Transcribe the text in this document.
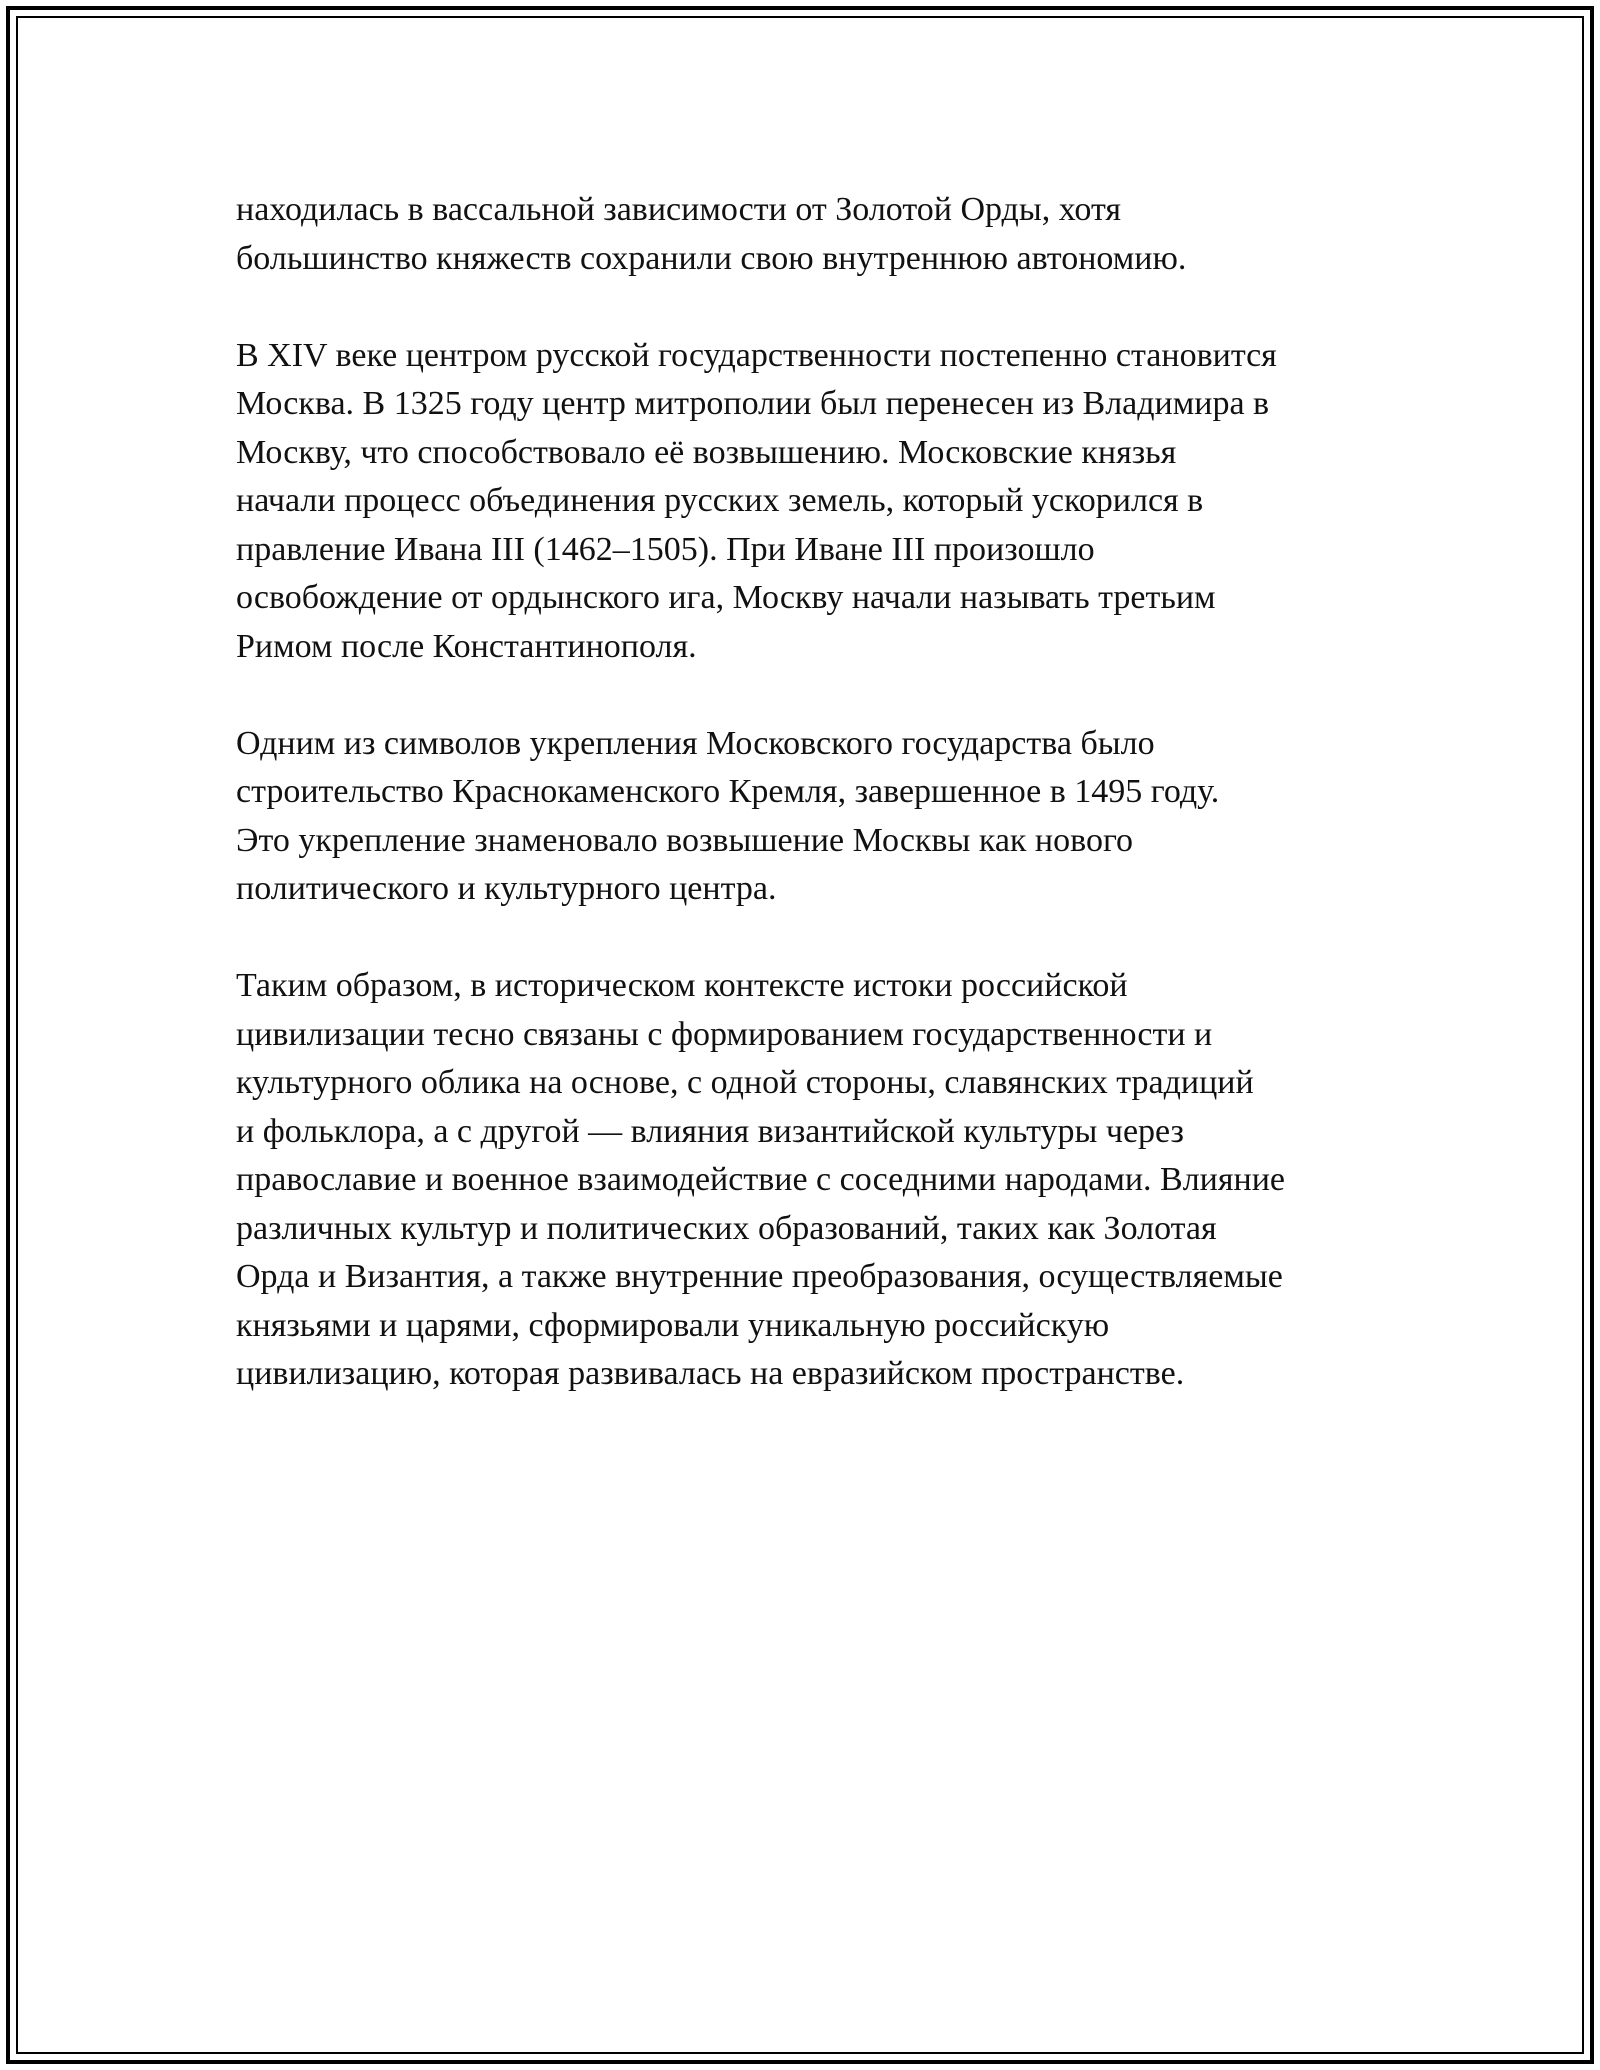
находилась в вассальной зависимости от Золотой Орды, хотя
большинство княжеств сохранили свою внутреннюю автономию.

В XIV веке центром русской государственности постепенно становится
Москва. В 1325 году центр митрополии был перенесен из Владимира в
Москву, что способствовало её возвышению. Московские князья
начали процесс объединения русских земель, который ускорился в
правление Ивана III (1462–1505). При Иване III произошло
освобождение от ордынского ига, Москву начали называть третьим
Римом после Константинополя.

Одним из символов укрепления Московского государства было
строительство Краснокаменского Кремля, завершенное в 1495 году.
Это укрепление знаменовало возвышение Москвы как нового
политического и культурного центра.

Таким образом, в историческом контексте истоки российской
цивилизации тесно связаны с формированием государственности и
культурного облика на основе, с одной стороны, славянских традиций
и фольклора, а с другой — влияния византийской культуры через
православие и военное взаимодействие с соседними народами. Влияние
различных культур и политических образований, таких как Золотая
Орда и Византия, а также внутренние преобразования, осуществляемые
князьями и царями, сформировали уникальную российскую
цивилизацию, которая развивалась на евразийском пространстве.
